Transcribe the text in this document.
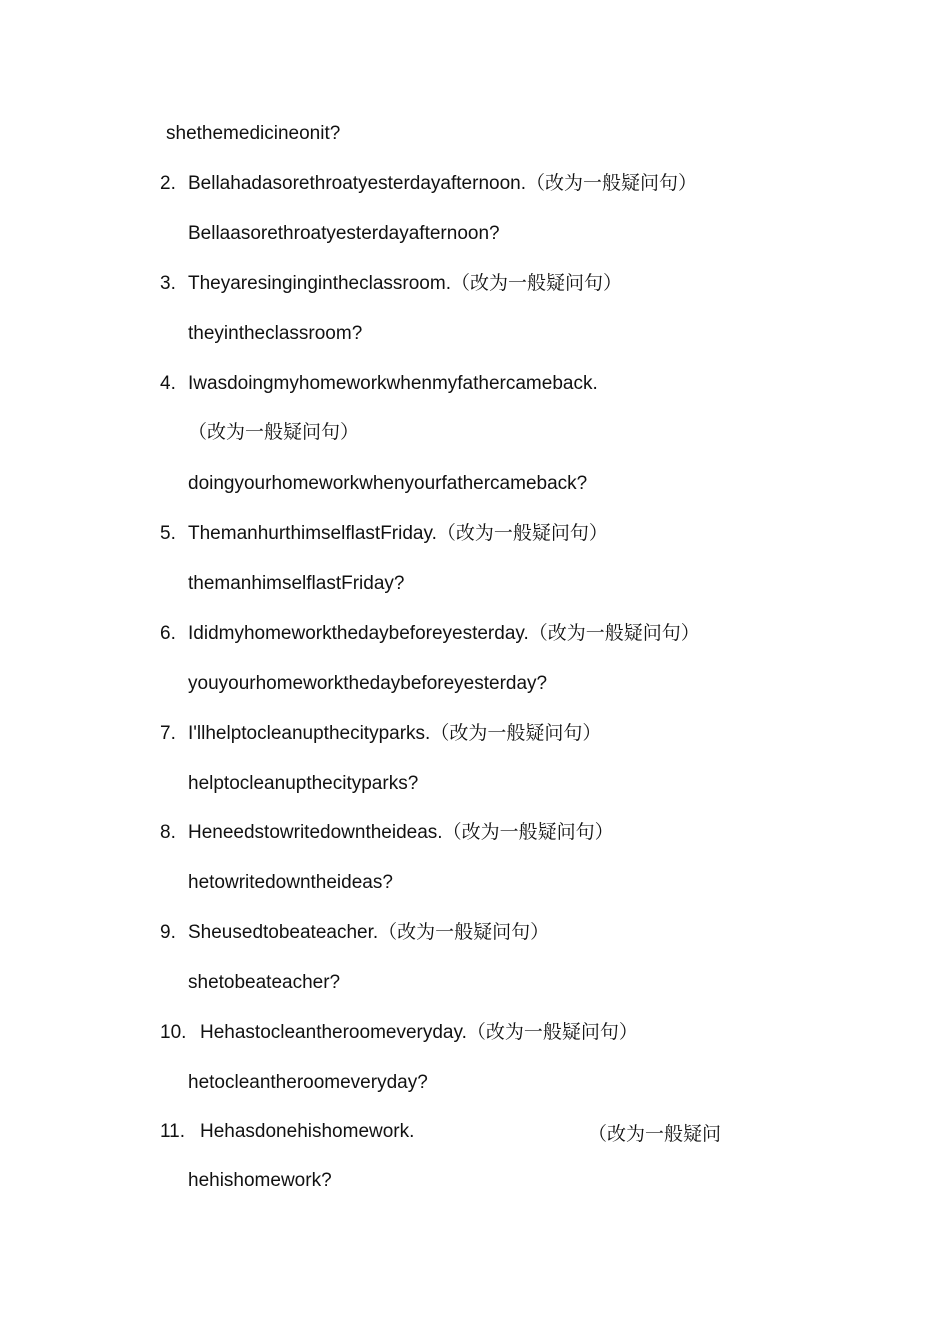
shethemedicineonit?
2. Bellahadasorethroatyesterdayafternoon.（改为一般疑问句）
Bellaasorethroatyesterdayafternoon?
3. Theyaresingingintheclassroom.（改为一般疑问句）
theyintheclassroom?
4. Iwasdoingmyhomeworkwhenmyfathercameback.
（改为一般疑问句）
doingyourhomeworkwhenyourfathercameback?
5. ThemanhurthimselflastFriday.（改为一般疑问句）
themanhimselflastFriday?
6. Ididmyhomeworkthedaybeforeyesterday.（改为一般疑问句）
youyourhomeworkthedaybeforeyesterday?
7. I'llhelptocleanupthecityparks.（改为一般疑问句）
helptocleanupthecityparks?
8. Heneedstowritedowntheideas.（改为一般疑问句）
hetowritedowntheideas?
9. Sheusedtobeateacher.（改为一般疑问句）
shetobeateacher?
10. Hehastocleantheroomeveryday.（改为一般疑问句）
hetocleantheroomeveryday?
11. Hehasdonehishomework.	（改为一般疑问
hehishomework?
